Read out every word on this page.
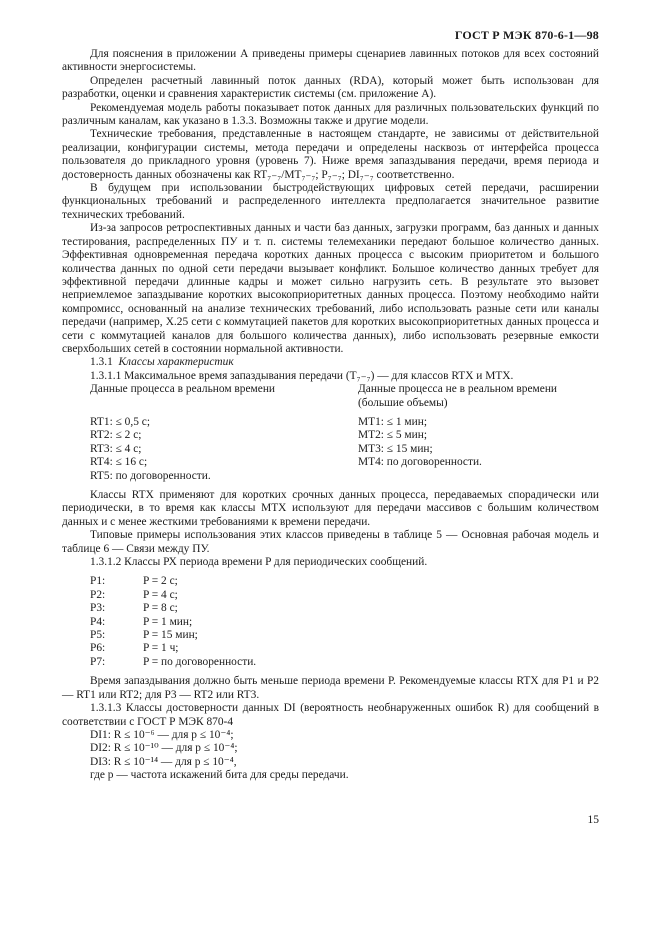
ГОСТ Р МЭК 870-6-1—98

Для пояснения в приложении А приведены примеры сценариев лавинных потоков для всех состояний активности энергосистемы.

Определен расчетный лавинный поток данных (RDA), который может быть использован для разработки, оценки и сравнения характеристик системы (см. приложение А).

Рекомендуемая модель работы показывает поток данных для различных пользовательских функций по различным каналам, как указано в 1.3.3. Возможны также и другие модели.

Технические требования, представленные в настоящем стандарте, не зависимы от действительной реализации, конфигурации системы, метода передачи и определены насквозь от интерфейса процесса пользователя до прикладного уровня (уровень 7). Ниже время запаздывания передачи, время периода и достоверность данных обозначены как RT₇₋₇/MT₇₋₇; P₇₋₇; DI₇₋₇ соответственно.

В будущем при использовании быстродействующих цифровых сетей передачи, расширении функциональных требований и распределенного интеллекта предполагается значительное развитие технических требований.

Из-за запросов ретроспективных данных и части баз данных, загрузки программ, баз данных и данных тестирования, распределенных ПУ и т. п. системы телемеханики передают большое количество данных. Эффективная одновременная передача коротких данных процесса с высоким приоритетом и большого количества данных по одной сети передачи вызывает конфликт. Большое количество данных требует для эффективной передачи длинные кадры и может сильно нагрузить сеть. В результате это вызовет неприемлемое запаздывание коротких высокоприоритетных данных процесса. Поэтому необходимо найти компромисс, основанный на анализе технических требований, либо использовать разные сети или каналы передачи (например, X.25 сети с коммутацией пакетов для коротких высокоприоритетных данных процесса и сети с коммутацией каналов для большого количества данных), либо использовать резервные емкости сверхбольших сетей в состоянии нормальной активности.

1.3.1 Классы характеристик

1.3.1.1 Максимальное время запаздывания передачи (T₇₋₇) — для классов RTX и MTX.

Данные процесса в реальном времени	Данные процесса не в реальном времени
(большие объемы)
RT1: ≤ 0,5 с;	MT1: ≤ 1 мин;
RT2: ≤ 2 с;	MT2: ≤ 5 мин;
RT3: ≤ 4 с;	MT3: ≤ 15 мин;
RT4: ≤ 16 с;	MT4: по договоренности.
RT5: по договоренности.

Классы RTX применяют для коротких срочных данных процесса, передаваемых спорадически или периодически, в то время как классы MTX используют для передачи массивов с большим количеством данных и с менее жесткими требованиями к времени передачи.

Типовые примеры использования этих классов приведены в таблице 5 — Основная рабочая модель и таблице 6 — Связи между ПУ.

1.3.1.2 Классы РХ периода времени P для периодических сообщений.

P1:	P = 2 с;
P2:	P = 4 с;
P3:	P = 8 с;
P4:	P = 1 мин;
P5:	P = 15 мин;
P6:	P = 1 ч;
P7:	P = по договоренности.

Время запаздывания должно быть меньше периода времени P. Рекомендуемые классы RTX для P1 и P2 — RT1 или RT2; для P3 — RT2 или RT3.

1.3.1.3 Классы достоверности данных DI (вероятность необнаруженных ошибок R) для сообщений в соответствии с ГОСТ Р МЭК 870-4

DI1: R ≤ 10⁻⁶ — для p ≤ 10⁻⁴;

DI2: R ≤ 10⁻¹⁰ — для p ≤ 10⁻⁴;

DI3: R ≤ 10⁻¹⁴ — для p ≤ 10⁻⁴,

где p — частота искажений бита для среды передачи.

15
